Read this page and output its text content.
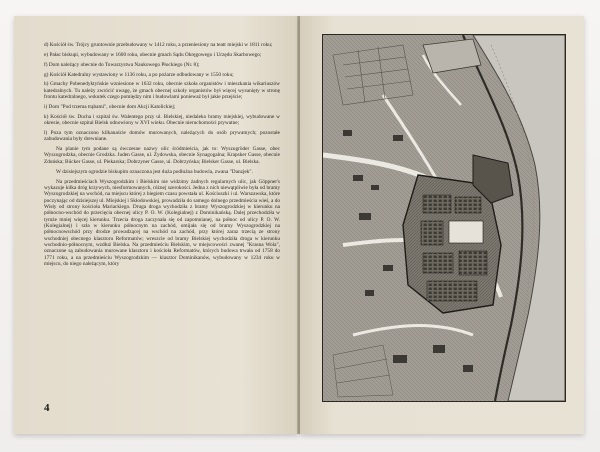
d) Kościół św. Trójcy gruntownie przebudowany w 1412 roku, a przeniesiony na teatr miejski w 1811 roku;

e) Pałac biskupi, wybudowany w 1600 roku, obecnie gmach Sądu Okręgowego i Urzędu Skarbowego;

f) Dom należący obecnie do Towarzystwa Naukowego Płockiego (Nr. 8);

g) Kościół Katedralny wystawiony w 1136 roku, a po pożarze odbudowany w 1550 roku;

h) Gmachy Pobenedyktyńskie wzniesione w 1632 roku, obecnie szkoła organistów i mieszkania wikariuszów katedralnych. Tu należy zwrócić uwagę, że gmach obecnej szkoły organistów był więcej wysunięty w stronę frontu katedralnego, wskutek czego pomiędzy nim i budowlami ponieważ był jakie przejście;

i) Dom "Pod trzema trąbami", obecnie dom Akcji Katolickiej;

k) Kościół św. Ducha i szpital św. Walentego przy ul. Bielskiej, niedaleko bramy miejskiej, wybudowane w okresie, obecnie szpital Bielsk odnowiony w XVI wieku. Obecnie nieruchomości prywatne;

l) Poza tym oznaczono kilkanaście domów murowanych, należących do osób prywatnych; pozostałe zabudowania były drewniane.

Na planie tym podane są ówczesne nazwy ulic śródmieścia, jak to: Wyszogröder Gasse, obec Wyszogrodzka, obecnie Grodzka. Juden Gasse, ul. Żydowska, obecnie Synagogalna; Krapsker Gasse, obecnie Zduńska; Bücker Gasse, ul. Piekarska; Dobrzyner Gasse, ul. Dobrzyńska; Bielsker Gasse, ul. Bielska.

W dzisiejszym ogrodzie biskupim oznaczona jest duża podłużna budowla, zwana "Danzjek".

Na przedmieściach Wyszogrodzkim i Bielskim nie widzimy żadnych regularnych ulic, jak Göppner's wykazuje kilka dróg krzywych, niesformowanych, różnej szerokości. Jedna z nich niewątpliwie była od bramy Wyszogrodzkiej na wschód, na miejscu której z biegiem czasu powstała ul. Kościuszki i ul. Warszawska, które poczynając od dzisiejszej ul. Miejskiej i Skłodowskiej, prowadziła do samego dolnego przedmieścia wieś, a do Wisły od strony kościoła Mariackiego. Druga droga wychodziła z bramy Wyszogrodzkiej w kierunku na północno-wschód do przecięcia obecnej ulicy P. O. W. (Kolegialnej) z Dominikańską. Dalej przechodziła w tymże mniej więcej kierunku. Trzecia droga zaczynała się od zapomnianej, na północ od ulicy P. O. W. (Kolegialnej) i szła w kierunku północnym na zachód, omijała się od bramy Wyszogrodzkiej na północnowschód przy drodze prowadzącej na wschód na zachód, przy której zaraz trzecią ze strony wschodniej obecnego klasztoru Reformatów; wreszcie od bramy Bielskiej wychodziła droga w kierunku wschodnio-północnym, wzdłuż Bielska. Na przedmieściu Bielskim, w miejscowości zwanej "Krasna Wola", oznaczone są zabudowania murowane klasztoru i kościoła Reformatów, których budowa trwała od 1758 do 1771 roku, a na przedmieściu Wyszogrodzkim — klasztor Dominikanów, wybudowany w 1234 roku w miejscu, do niego należącym, który

4
